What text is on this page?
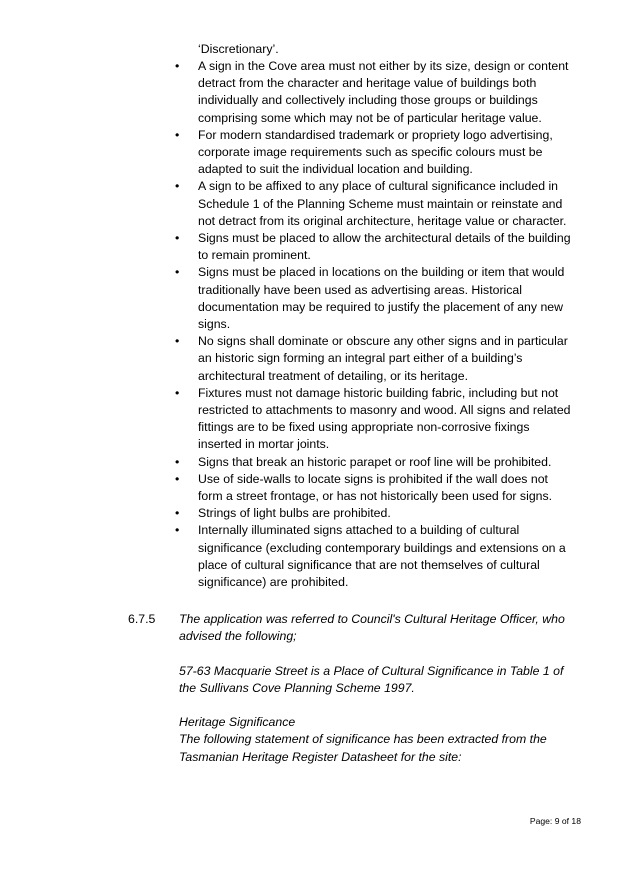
‘Discretionary’.

•	A sign in the Cove area must not either by its size, design or content detract from the character and heritage value of buildings both individually and collectively including those groups or buildings comprising some which may not be of particular heritage value.
•	For modern standardised trademark or propriety logo advertising, corporate image requirements such as specific colours must be adapted to suit the individual location and building.
•	A sign to be affixed to any place of cultural significance included in Schedule 1 of the Planning Scheme must maintain or reinstate and not detract from its original architecture, heritage value or character.
•	Signs must be placed to allow the architectural details of the building to remain prominent.
•	Signs must be placed in locations on the building or item that would traditionally have been used as advertising areas. Historical documentation may be required to justify the placement of any new signs.
•	No signs shall dominate or obscure any other signs and in particular an historic sign forming an integral part either of a building’s architectural treatment of detailing, or its heritage.
•	Fixtures must not damage historic building fabric, including but not restricted to attachments to masonry and wood. All signs and related fittings are to be fixed using appropriate non-corrosive fixings inserted in mortar joints.
•	Signs that break an historic parapet or roof line will be prohibited.
•	Use of side-walls to locate signs is prohibited if the wall does not form a street frontage, or has not historically been used for signs.
•	Strings of light bulbs are prohibited.
•	Internally illuminated signs attached to a building of cultural significance (excluding contemporary buildings and extensions on a place of cultural significance that are not themselves of cultural significance) are prohibited.
6.7.5 The application was referred to Council's Cultural Heritage Officer, who advised the following;

57-63 Macquarie Street is a Place of Cultural Significance in Table 1 of the Sullivans Cove Planning Scheme 1997.

Heritage Significance

The following statement of significance has been extracted from the Tasmanian Heritage Register Datasheet for the site:

Page: 9 of 18
